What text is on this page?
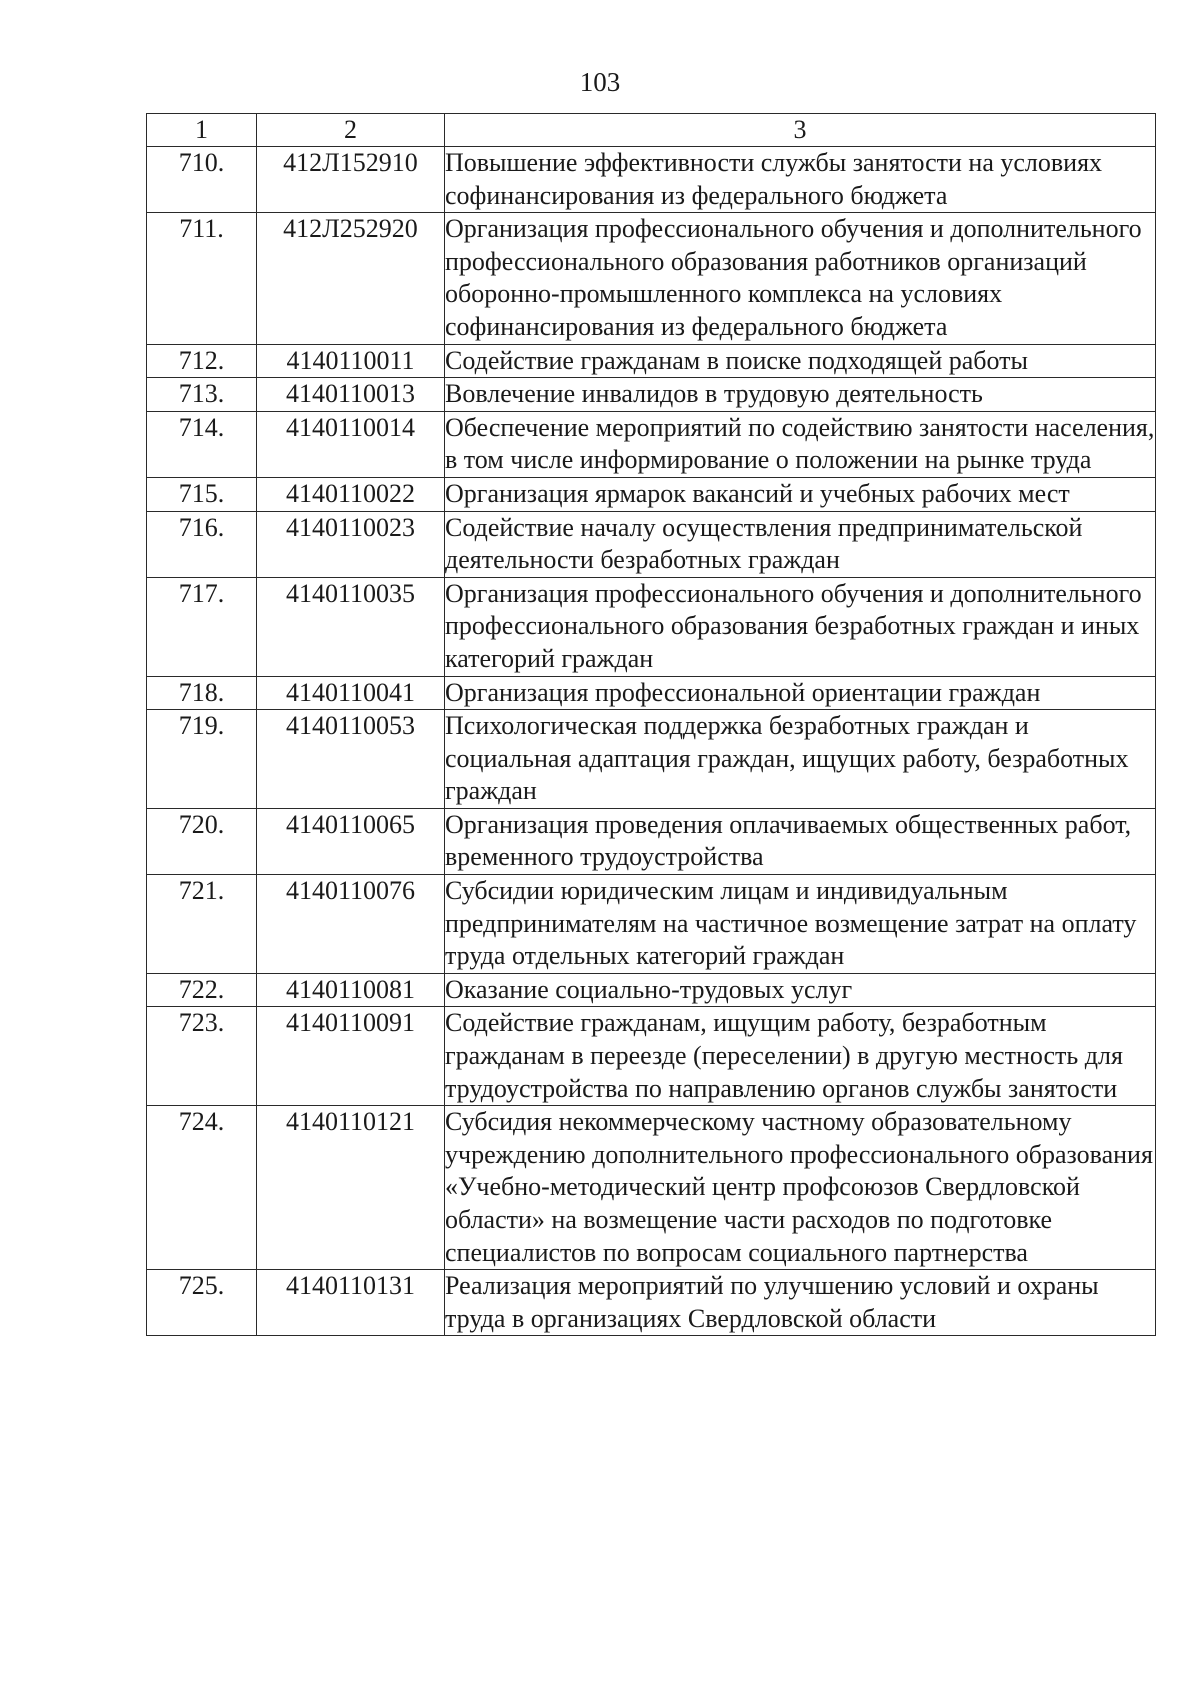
103
1	2	3
710.	412Л152910	Повышение эффективности службы занятости на условиях софинансирования из федерального бюджета
711.	412Л252920	Организация профессионального обучения и дополнительного профессионального образования работников организаций оборонно-промышленного комплекса на условиях софинансирования из федерального бюджета
712.	4140110011	Содействие гражданам в поиске подходящей работы
713.	4140110013	Вовлечение инвалидов в трудовую деятельность
714.	4140110014	Обеспечение мероприятий по содействию занятости населения, в том числе информирование о положении на рынке труда
715.	4140110022	Организация ярмарок вакансий и учебных рабочих мест
716.	4140110023	Содействие началу осуществления предпринимательской деятельности безработных граждан
717.	4140110035	Организация профессионального обучения и дополнительного профессионального образования безработных граждан и иных категорий граждан
718.	4140110041	Организация профессиональной ориентации граждан
719.	4140110053	Психологическая поддержка безработных граждан и социальная адаптация граждан, ищущих работу, безработных граждан
720.	4140110065	Организация проведения оплачиваемых общественных работ, временного трудоустройства
721.	4140110076	Субсидии юридическим лицам и индивидуальным предпринимателям на частичное возмещение затрат на оплату труда отдельных категорий граждан
722.	4140110081	Оказание социально-трудовых услуг
723.	4140110091	Содействие гражданам, ищущим работу, безработным гражданам в переезде (переселении) в другую местность для трудоустройства по направлению органов службы занятости
724.	4140110121	Субсидия некоммерческому частному образовательному учреждению дополнительного профессионального образования «Учебно-методический центр профсоюзов Свердловской области» на возмещение части расходов по подготовке специалистов по вопросам социального партнерства
725.	4140110131	Реализация мероприятий по улучшению условий и охраны труда в организациях Свердловской области
